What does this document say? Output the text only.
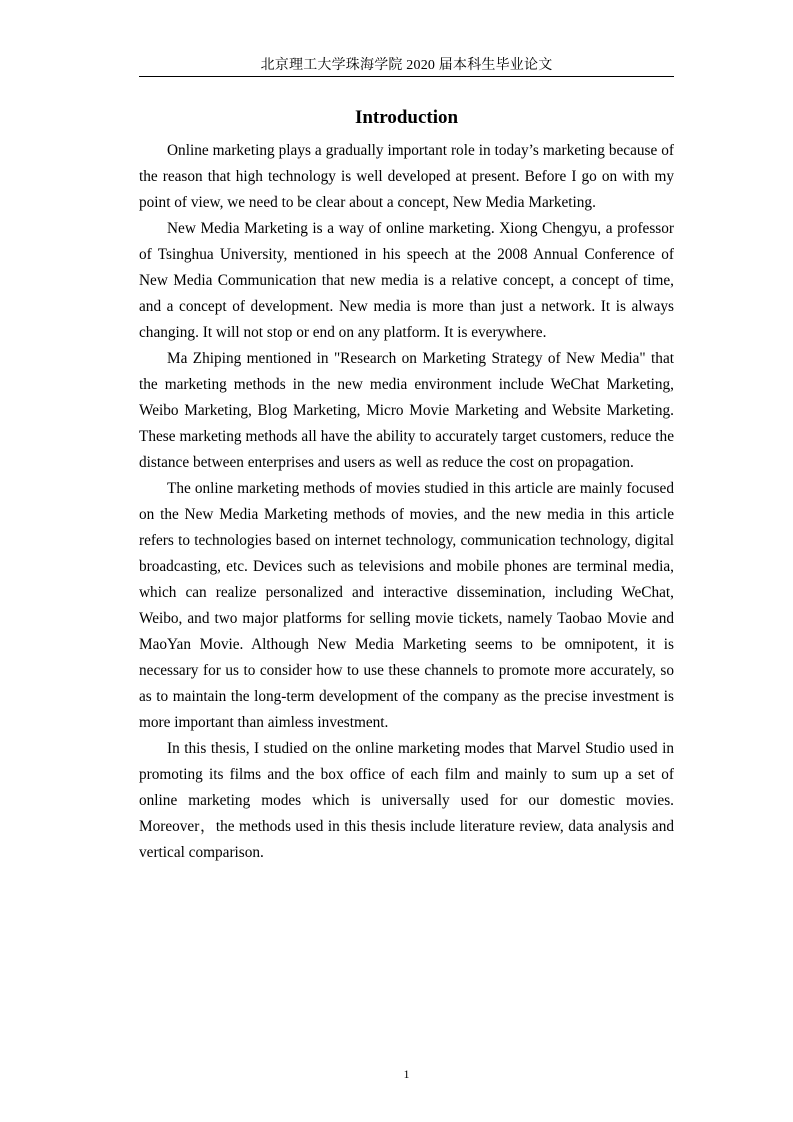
北京理工大学珠海学院 2020 届本科生毕业论文
Introduction

Online marketing plays a gradually important role in today’s marketing because of the reason that high technology is well developed at present. Before I go on with my point of view, we need to be clear about a concept, New Media Marketing.

New Media Marketing is a way of online marketing. Xiong Chengyu, a professor of Tsinghua University, mentioned in his speech at the 2008 Annual Conference of New Media Communication that new media is a relative concept, a concept of time, and a concept of development. New media is more than just a network. It is always changing. It will not stop or end on any platform. It is everywhere.

Ma Zhiping mentioned in "Research on Marketing Strategy of New Media" that the marketing methods in the new media environment include WeChat Marketing, Weibo Marketing, Blog Marketing, Micro Movie Marketing and Website Marketing. These marketing methods all have the ability to accurately target customers, reduce the distance between enterprises and users as well as reduce the cost on propagation.

The online marketing methods of movies studied in this article are mainly focused on the New Media Marketing methods of movies, and the new media in this article refers to technologies based on internet technology, communication technology, digital broadcasting, etc. Devices such as televisions and mobile phones are terminal media, which can realize personalized and interactive dissemination, including WeChat, Weibo, and two major platforms for selling movie tickets, namely Taobao Movie and MaoYan Movie. Although New Media Marketing seems to be omnipotent, it is necessary for us to consider how to use these channels to promote more accurately, so as to maintain the long-term development of the company as the precise investment is more important than aimless investment.

In this thesis, I studied on the online marketing modes that Marvel Studio used in promoting its films and the box office of each film and mainly to sum up a set of online marketing modes which is universally used for our domestic movies. Moreover，the methods used in this thesis include literature review, data analysis and vertical comparison.

1
